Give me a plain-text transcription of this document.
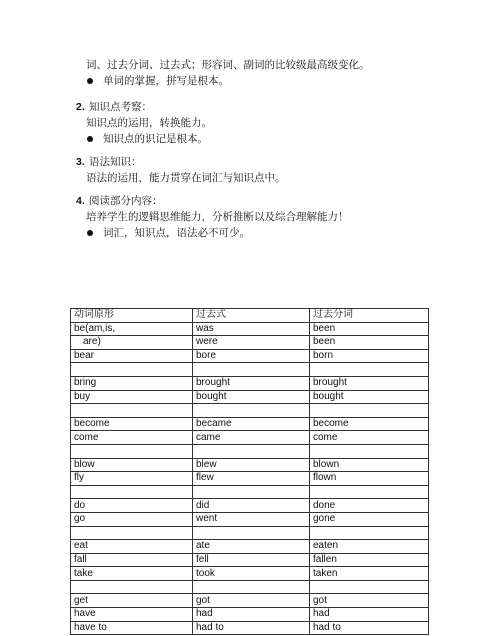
词、过去分词、过去式；形容词、副词的比较级最高级变化。
单词的掌握，拼写是根本。
2. 知识点考察：
知识点的运用，转换能力。
知识点的识记是根本。
3. 语法知识：
语法的运用，能力贯穿在词汇与知识点中。
4. 阅读部分内容：
培养学生的逻辑思维能力，分析推断以及综合理解能力！
词汇，知识点，语法必不可少。
动词原形	过去式	过去分词
be(am,is,	was	been
are)	were	been
bear	bore	born

bring	brought	brought
buy	bought	bought

become	became	become
come	came	come

blow	blew	blown
fly	flew	flown

do	did	done
go	went	gone

eat	ate	eaten
fall	fell	fallen
take	took	taken

get	got	got
have	had	had
have to	had to	had to
